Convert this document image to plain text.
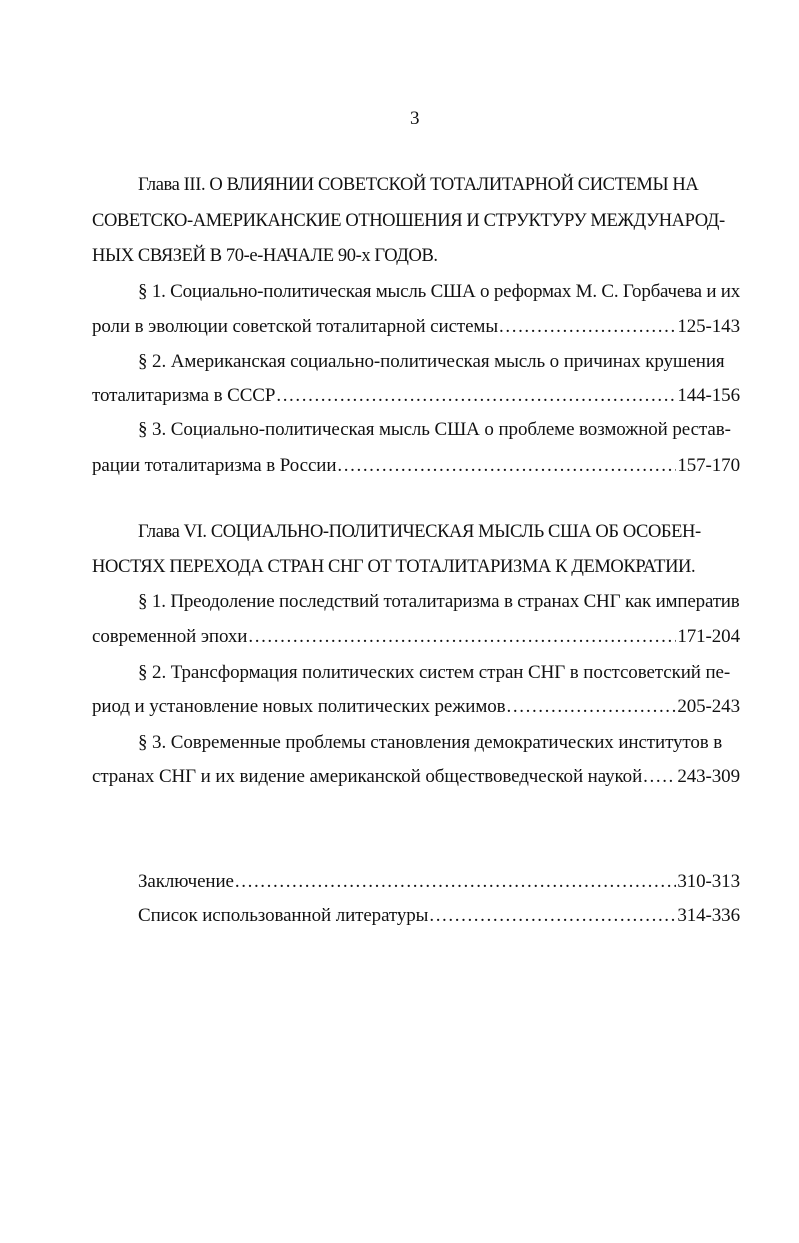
3
Глава III. О ВЛИЯНИИ СОВЕТСКОЙ ТОТАЛИТАРНОЙ СИСТЕМЫ НА
СОВЕТСКО-АМЕРИКАНСКИЕ ОТНОШЕНИЯ И СТРУКТУРУ МЕЖДУНАРОД-
НЫХ СВЯЗЕЙ В 70-е-НАЧАЛЕ 90-х ГОДОВ.
§ 1. Социально-политическая мысль США о реформах М. С. Горбачева и их
роли в эволюции советской тоталитарной системы .....	125-143
§ 2. Американская социально-политическая мысль о причинах крушения
тоталитаризма в СССР .....	144-156
§ 3. Социально-политическая мысль США о проблеме возможной рестав-
рации тоталитаризма в России .....	157-170
Глава VI. СОЦИАЛЬНО-ПОЛИТИЧЕСКАЯ МЫСЛЬ США ОБ ОСОБЕН-
НОСТЯХ ПЕРЕХОДА СТРАН СНГ ОТ ТОТАЛИТАРИЗМА К ДЕМОКРАТИИ.
§ 1. Преодоление последствий тоталитаризма в странах СНГ как императив
современной эпохи .....	171-204
§ 2. Трансформация политических систем стран СНГ в постсоветский пе-
риод и установление новых политических режимов .....	205-243
§ 3. Современные проблемы становления демократических институтов в
странах СНГ и их видение американской обществоведческой наукой ..... 243-309
Заключение .....	310-313
Список использованной литературы .....	314-336
